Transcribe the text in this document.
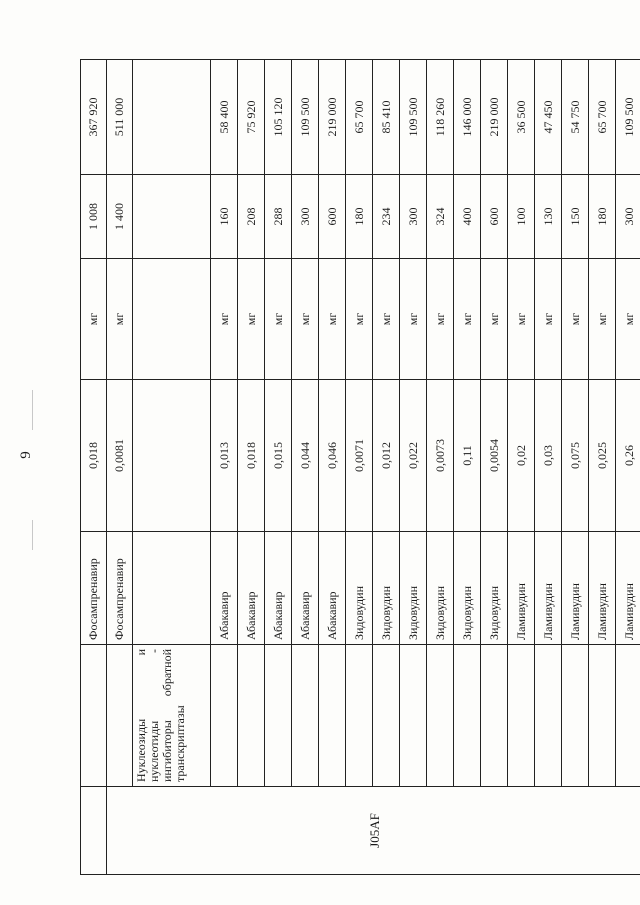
9
		Фосампренавир	0,018	мг	1 008	367 920
J05AF		Фосампренавир	0,0081	мг	1 400	511 000
	Нуклеозиды и нуклеотиды - ингибиторы обратной транскриптазы					
		Абакавир	0,013	мг	160	58 400
		Абакавир	0,018	мг	208	75 920
		Абакавир	0,015	мг	288	105 120
		Абакавир	0,044	мг	300	109 500
		Абакавир	0,046	мг	600	219 000
		Зидовудин	0,0071	мг	180	65 700
		Зидовудин	0,012	мг	234	85 410
		Зидовудин	0,022	мг	300	109 500
		Зидовудин	0,0073	мг	324	118 260
		Зидовудин	0,11	мг	400	146 000
		Зидовудин	0,0054	мг	600	219 000
		Ламивудин	0,02	мг	100	36 500
		Ламивудин	0,03	мг	130	47 450
		Ламивудин	0,075	мг	150	54 750
		Ламивудин	0,025	мг	180	65 700
		Ламивудин	0,26	мг	300	109 500
